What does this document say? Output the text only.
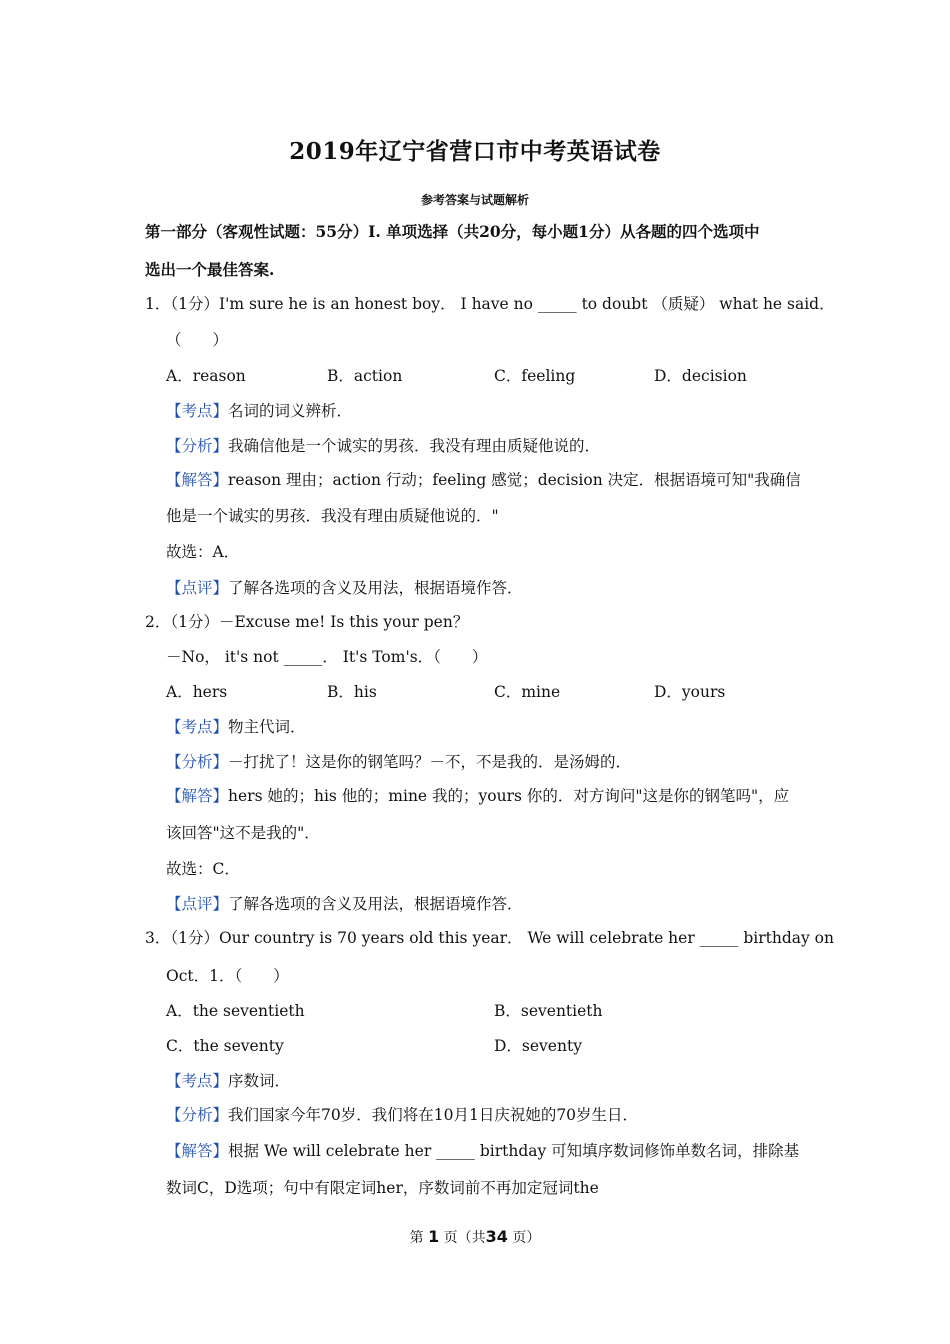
2019年辽宁省营口市中考英语试卷
参考答案与试题解析
第一部分（客观性试题：55分）I. 单项选择（共20分，每小题1分）从各题的四个选项中
选出一个最佳答案.
1．（1分）I'm sure he is an honest boy． I have no _____ to doubt （质疑） what he said．
（　　）
A．reason	B．action	C．feeling	D．decision
【考点】名词的词义辨析．
【分析】我确信他是一个诚实的男孩．我没有理由质疑他说的．
【解答】reason 理由；action 行动；feeling 感觉；decision 决定．根据语境可知"我确信
他是一个诚实的男孩．我没有理由质疑他说的．"
故选：A．
【点评】了解各选项的含义及用法，根据语境作答．
2．（1分）－Excuse me! Is this your pen？
－No， it's not _____． It's Tom's．（　　）
A．hers	B．his	C．mine	D．yours
【考点】物主代词．
【分析】－打扰了！这是你的钢笔吗？－不，不是我的．是汤姆的．
【解答】hers 她的；his 他的；mine 我的；yours 你的．对方询问"这是你的钢笔吗"，应
该回答"这不是我的"．
故选：C．
【点评】了解各选项的含义及用法，根据语境作答．
3．（1分）Our country is 70 years old this year． We will celebrate her _____ birthday on
Oct．1．（　　）
A．the seventieth	B．seventieth
C．the seventy	D．seventy
【考点】序数词．
【分析】我们国家今年70岁．我们将在10月1日庆祝她的70岁生日．
【解答】根据 We will celebrate her _____ birthday 可知填序数词修饰单数名词，排除基
数词C，D选项；句中有限定词her，序数词前不再加定冠词the
第 1 页（共34 页）
